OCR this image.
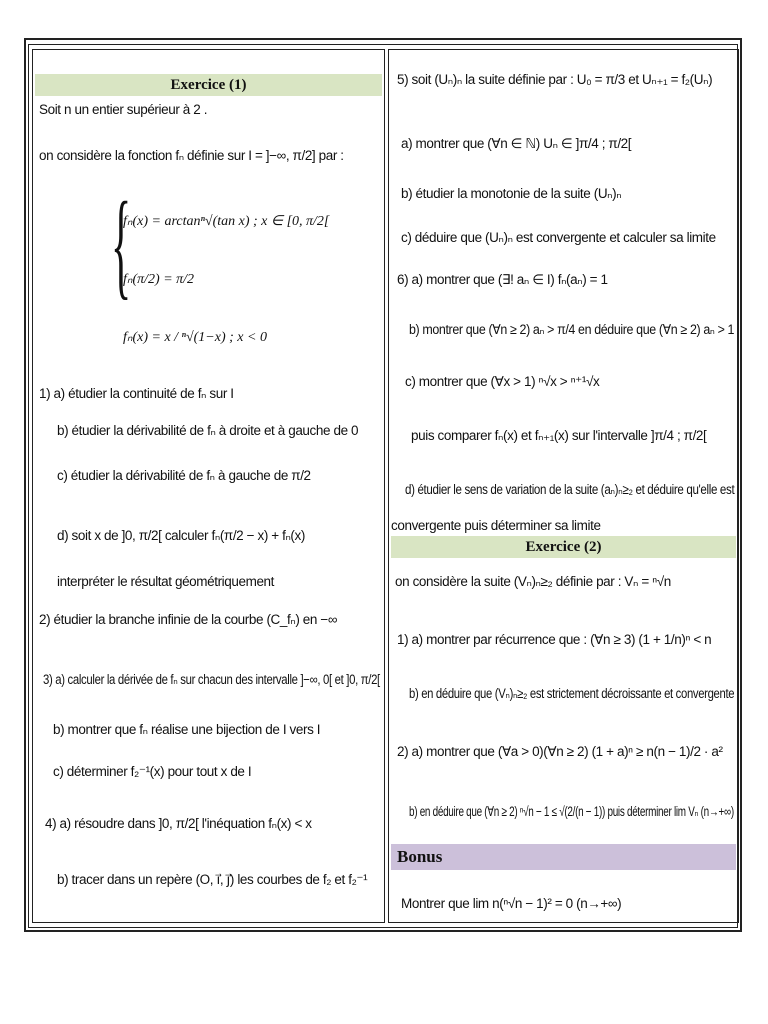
Exercice (1)
Soit n un entier supérieur à 2 .
on considère la fonction fₙ définie sur I = ]−∞, π/2] par :
{
fₙ(x) = arctanⁿ√(tan x) ; x ∈ [0, π/2[
fₙ(π/2) = π/2
fₙ(x) = x / ⁿ√(1−x) ; x < 0
1) a) étudier la continuité de fₙ sur I
b) étudier la dérivabilité de fₙ à droite et à gauche de 0
c) étudier la dérivabilité de fₙ à gauche de π/2
d) soit x de ]0, π/2[ calculer fₙ(π/2 − x) + fₙ(x)
interpréter le résultat géométriquement
2) étudier la branche infinie de la courbe (C_fₙ) en −∞
3) a) calculer la dérivée de fₙ sur chacun des intervalle ]−∞, 0[ et ]0, π/2[
b) montrer que fₙ réalise une bijection de I vers I
c) déterminer f₂⁻¹(x) pour tout x de I
4) a) résoudre dans ]0, π/2[ l'inéquation fₙ(x) < x
b) tracer dans un repère (O, i⃗, j⃗) les courbes de f₂ et f₂⁻¹
5) soit (Uₙ)ₙ la suite définie par : U₀ = π/3 et Uₙ₊₁ = f₂(Uₙ)
a) montrer que (∀n ∈ ℕ) Uₙ ∈ ]π/4 ; π/2[
b) étudier la monotonie de la suite (Uₙ)ₙ
c) déduire que (Uₙ)ₙ est convergente et calculer sa limite
6) a) montrer que (∃! aₙ ∈ I) fₙ(aₙ) = 1
b) montrer que (∀n ≥ 2) aₙ > π/4 en déduire que (∀n ≥ 2) aₙ > 1
c) montrer que (∀x > 1) ⁿ√x > ⁿ⁺¹√x
puis comparer fₙ(x) et fₙ₊₁(x) sur l'intervalle ]π/4 ; π/2[
d) étudier le sens de variation de la suite (aₙ)ₙ≥₂ et déduire qu'elle est
convergente puis déterminer sa limite
Exercice (2)
on considère la suite (Vₙ)ₙ≥₂ définie par : Vₙ = ⁿ√n
1) a) montrer par récurrence que : (∀n ≥ 3) (1 + 1/n)ⁿ < n
b) en déduire que (Vₙ)ₙ≥₂ est strictement décroissante et convergente
2) a) montrer que (∀a > 0)(∀n ≥ 2) (1 + a)ⁿ ≥ n(n − 1)/2 · a²
b) en déduire que (∀n ≥ 2) ⁿ√n − 1 ≤ √(2/(n − 1)) puis déterminer lim Vₙ (n→+∞)
Bonus
Montrer que lim n(ⁿ√n − 1)² = 0 (n→+∞)
